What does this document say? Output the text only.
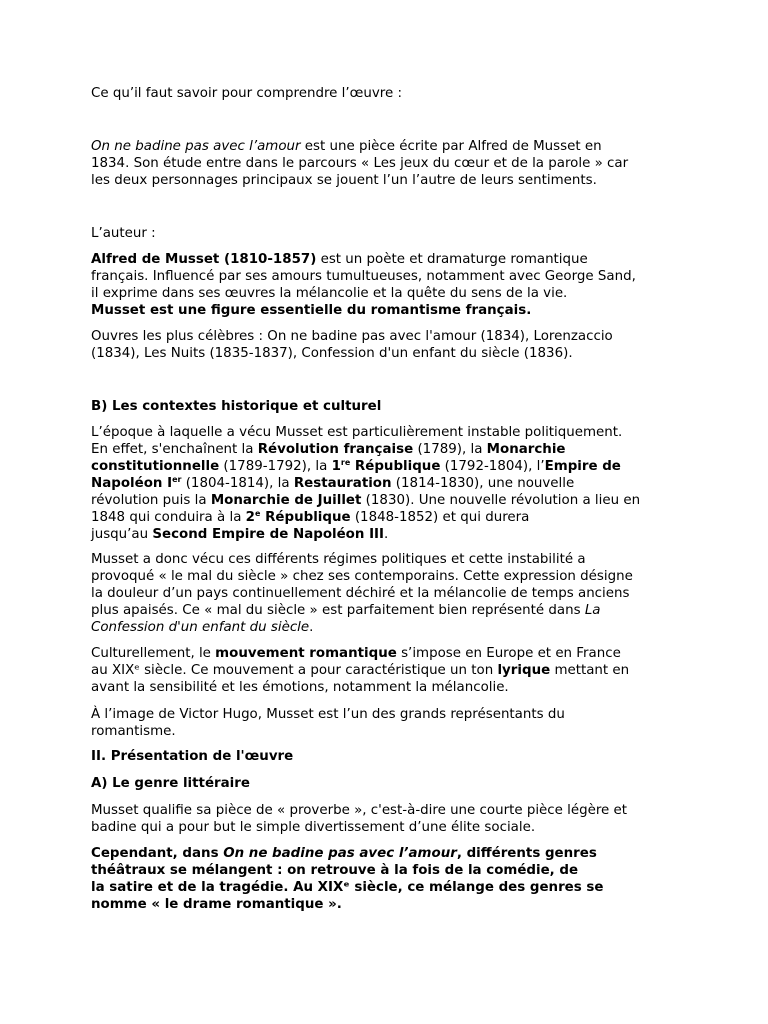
Ce qu’il faut savoir pour comprendre l’œuvre :

On ne badine pas avec l’amour est une pièce écrite par Alfred de Musset en

1834. Son étude entre dans le parcours « Les jeux du cœur et de la parole » car

les deux personnages principaux se jouent l’un l’autre de leurs sentiments.

L’auteur :

Alfred de Musset (1810-1857) est un poète et dramaturge romantique

français. Influencé par ses amours tumultueuses, notamment avec George Sand,

il exprime dans ses œuvres la mélancolie et la quête du sens de la vie.

Musset est une figure essentielle du romantisme français.

Ouvres les plus célèbres : On ne badine pas avec l'amour (1834), Lorenzaccio

(1834), Les Nuits (1835-1837), Confession d'un enfant du siècle (1836).

B) Les contextes historique et culturel

L’époque à laquelle a vécu Musset est particulièrement instable politiquement.

En effet, s'enchaînent la Révolution française (1789), la Monarchie

constitutionnelle (1789-1792), la 1re République (1792-1804), l’Empire de

Napoléon Ier (1804-1814), la Restauration (1814-1830), une nouvelle

révolution puis la Monarchie de Juillet (1830). Une nouvelle révolution a lieu en

1848 qui conduira à la 2e République (1848-1852) et qui durera

jusqu’au Second Empire de Napoléon III.

Musset a donc vécu ces différents régimes politiques et cette instabilité a

provoqué « le mal du siècle » chez ses contemporains. Cette expression désigne

la douleur d’un pays continuellement déchiré et la mélancolie de temps anciens

plus apaisés. Ce « mal du siècle » est parfaitement bien représenté dans La

Confession d'un enfant du siècle.

Culturellement, le mouvement romantique s’impose en Europe et en France

au XIXᵉ siècle. Ce mouvement a pour caractéristique un ton lyrique mettant en

avant la sensibilité et les émotions, notamment la mélancolie.

À l’image de Victor Hugo, Musset est l’un des grands représentants du

romantisme.

II. Présentation de l'œuvre

A) Le genre littéraire

Musset qualifie sa pièce de « proverbe », c'est-à-dire une courte pièce légère et

badine qui a pour but le simple divertissement d’une élite sociale.

Cependant, dans On ne badine pas avec l’amour, différents genres

théâtraux se mélangent : on retrouve à la fois de la comédie, de

la satire et de la tragédie. Au XIXᵉ siècle, ce mélange des genres se

nomme « le drame romantique ».
